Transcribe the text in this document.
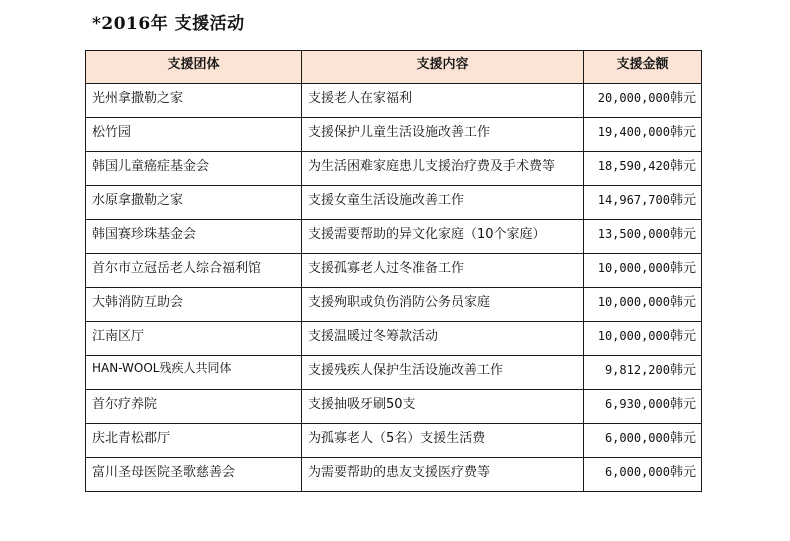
*2016年 支援活动
支援团体	支援内容	支援金额
光州拿撒勒之家	支援老人在家福利	20,000,000韩元
松竹园	支援保护儿童生活设施改善工作	19,400,000韩元
韩国儿童癌症基金会	为生活困难家庭患儿支援治疗费及手术费等	18,590,420韩元
水原拿撒勒之家	支援女童生活设施改善工作	14,967,700韩元
韩国赛珍珠基金会	支援需要帮助的异文化家庭（10个家庭）	13,500,000韩元
首尔市立冠岳老人综合福利馆	支援孤寡老人过冬准备工作	10,000,000韩元
大韩消防互助会	支援殉职或负伤消防公务员家庭	10,000,000韩元
江南区厅	支援温暖过冬筹款活动	10,000,000韩元
HAN-WOOL残疾人共同体	支援残疾人保护生活设施改善工作	9,812,200韩元
首尔疗养院	支援抽吸牙刷50支	6,930,000韩元
庆北青松郡厅	为孤寡老人（5名）支援生活费	6,000,000韩元
富川圣母医院圣歌慈善会	为需要帮助的患友支援医疗费等	6,000,000韩元
